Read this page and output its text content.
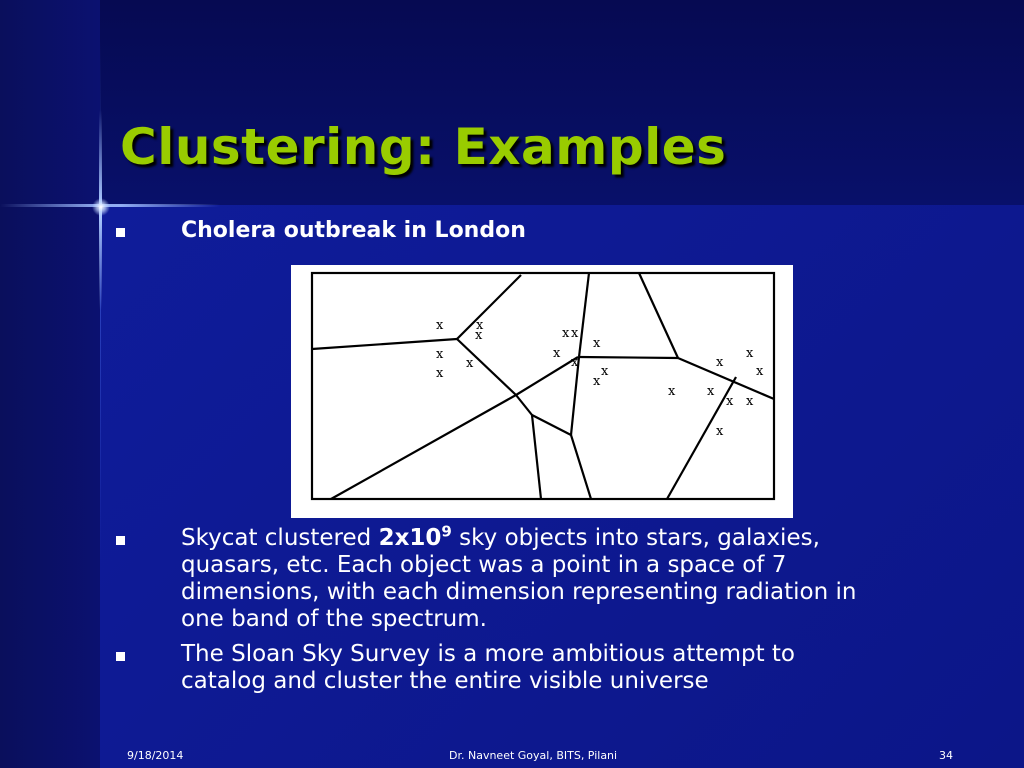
Clustering: Examples
Cholera outbreak in London
x	x
x
x
x
x
x x
x
x
x
x
x
x
x
x
x
x
x x
x
Skycat clustered $2x10^9$ sky objects into stars, galaxies,
quasars, etc. Each object was a point in a space of 7
dimensions, with each dimension representing radiation in
one band of the spectrum.
The Sloan Sky Survey is a more ambitious attempt to
catalog and cluster the entire visible universe
9/18/2014	Dr. Navneet Goyal, BITS, Pilani	34
